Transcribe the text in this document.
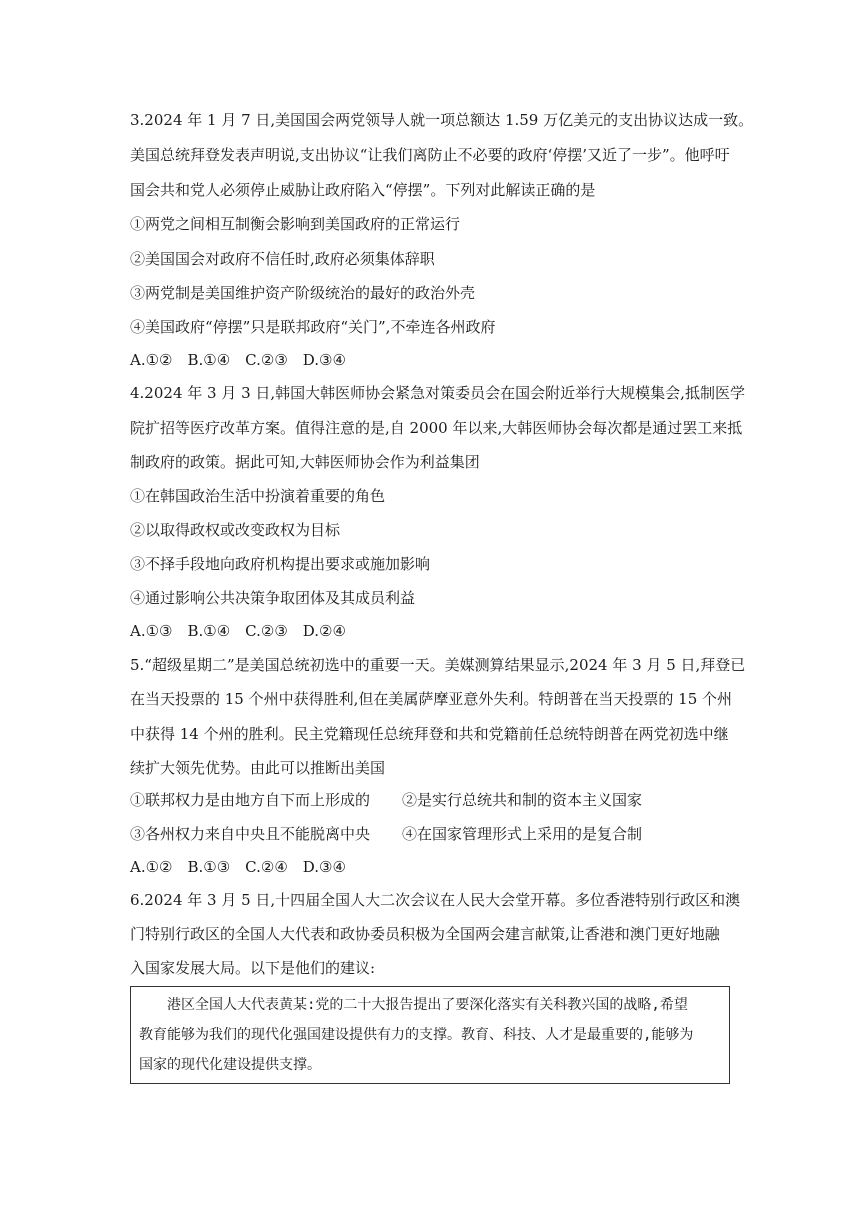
3.2024 年 1 月 7 日,美国国会两党领导人就一项总额达 1.59 万亿美元的支出协议达成一致。
美国总统拜登发表声明说,支出协议“让我们离防止不必要的政府‘停摆’又近了一步”。他呼吁
国会共和党人必须停止威胁让政府陷入“停摆”。下列对此解读正确的是
①两党之间相互制衡会影响到美国政府的正常运行
②美国国会对政府不信任时,政府必须集体辞职
③两党制是美国维护资产阶级统治的最好的政治外壳
④美国政府“停摆”只是联邦政府“关门”,不牵连各州政府
A.①②　B.①④　C.②③　D.③④
4.2024 年 3 月 3 日,韩国大韩医师协会紧急对策委员会在国会附近举行大规模集会,抵制医学
院扩招等医疗改革方案。值得注意的是,自 2000 年以来,大韩医师协会每次都是通过罢工来抵
制政府的政策。据此可知,大韩医师协会作为利益集团
①在韩国政治生活中扮演着重要的角色
②以取得政权或改变政权为目标
③不择手段地向政府机构提出要求或施加影响
④通过影响公共决策争取团体及其成员利益
A.①③　B.①④　C.②③　D.②④
5.“超级星期二”是美国总统初选中的重要一天。美媒测算结果显示,2024 年 3 月 5 日,拜登已
在当天投票的 15 个州中获得胜利,但在美属萨摩亚意外失利。特朗普在当天投票的 15 个州
中获得 14 个州的胜利。民主党籍现任总统拜登和共和党籍前任总统特朗普在两党初选中继
续扩大领先优势。由此可以推断出美国
①联邦权力是由地方自下而上形成的 ②是实行总统共和制的资本主义国家
③各州权力来自中央且不能脱离中央 ④在国家管理形式上采用的是复合制
A.①②　B.①③　C.②④　D.③④
6.2024 年 3 月 5 日,十四届全国人大二次会议在人民大会堂开幕。多位香港特别行政区和澳
门特别行政区的全国人大代表和政协委员积极为全国两会建言献策,让香港和澳门更好地融
入国家发展大局。以下是他们的建议:
　　港区全国人大代表黄某:党的二十大报告提出了要深化落实有关科教兴国的战略,希望
教育能够为我们的现代化强国建设提供有力的支撑。教育、科技、人才是最重要的,能够为
国家的现代化建设提供支撑。
